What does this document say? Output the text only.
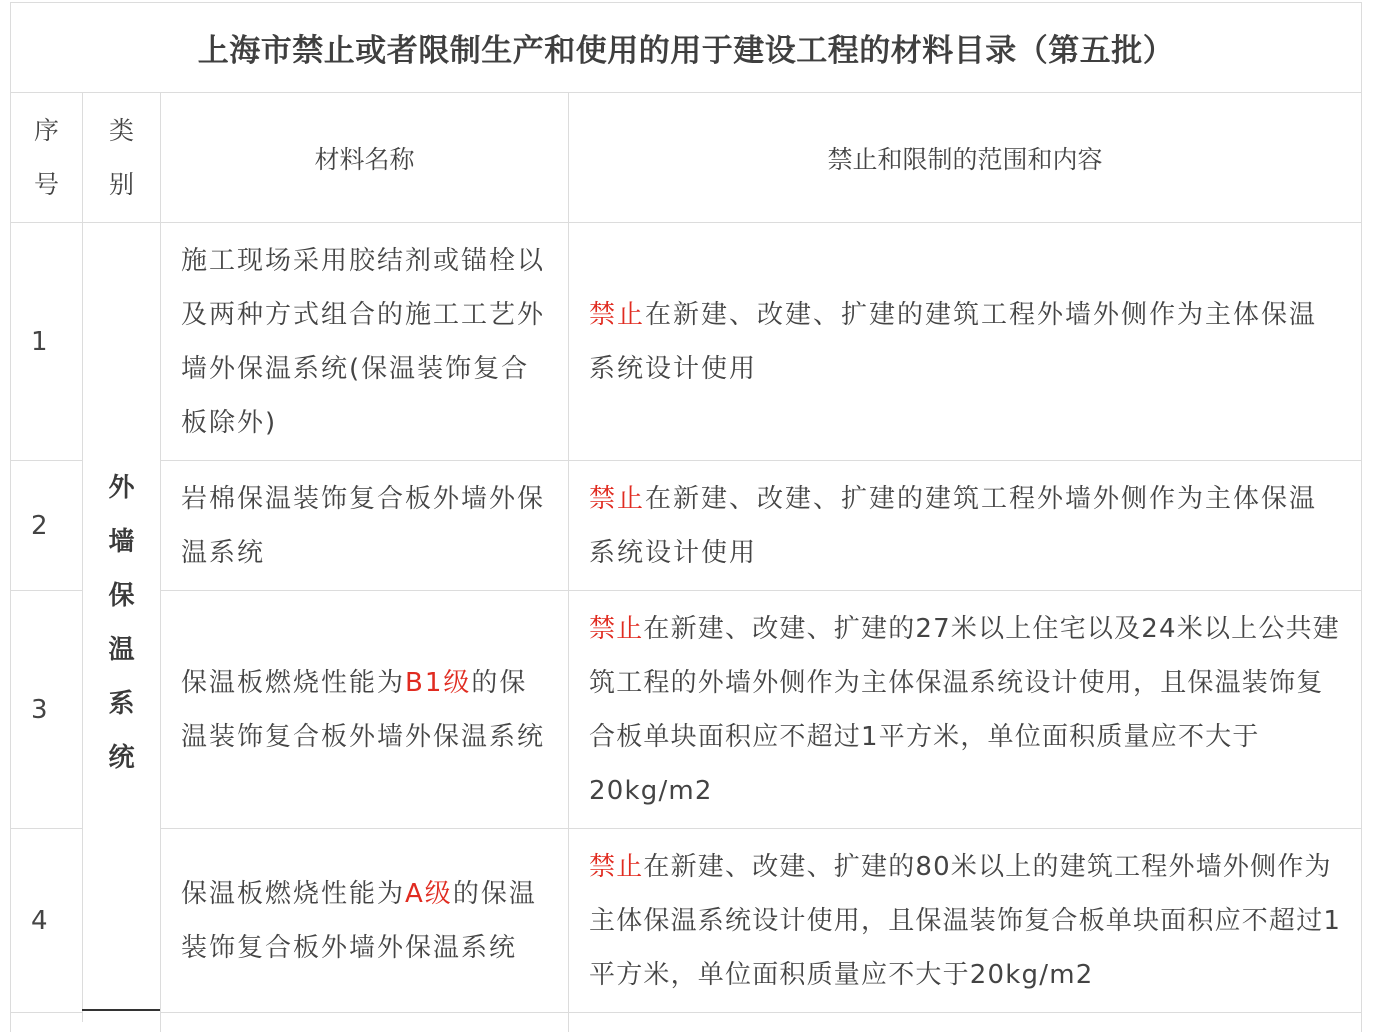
上海市禁止或者限制生产和使用的用于建设工程的材料目录（第五批）
序
号
类
别
材料名称	禁止和限制的范围和内容
外
墙
保
温
系
统
1

施工现场采用胶结剂或锚栓以及两种方式组合的施工工艺外墙外保温系统(保温装饰复合板除外)

禁止在新建、改建、扩建的建筑工程外墙外侧作为主体保温系统设计使用

2

岩棉保温装饰复合板外墙外保温系统

禁止在新建、改建、扩建的建筑工程外墙外侧作为主体保温系统设计使用

3

保温板燃烧性能为B1级的保温装饰复合板外墙外保温系统

禁止在新建、改建、扩建的27米以上住宅以及24米以上公共建筑工程的外墙外侧作为主体保温系统设计使用，且保温装饰复合板单块面积应不超过1平方米，单位面积质量应不大于20kg/m2

4

保温板燃烧性能为A级的保温装饰复合板外墙外保温系统

禁止在新建、改建、扩建的80米以上的建筑工程外墙外侧作为主体保温系统设计使用，且保温装饰复合板单块面积应不超过1平方米，单位面积质量应不大于20kg/m2
